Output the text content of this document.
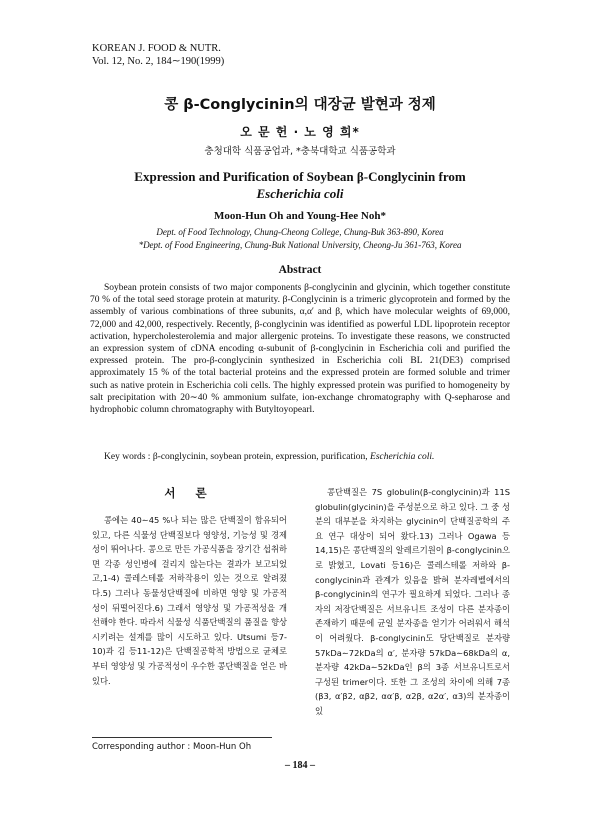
KOREAN J. FOOD & NUTR.
Vol. 12, No. 2, 184∼190(1999)
콩 β-Conglycinin의 대장균 발현과 정제
오 문 헌 · 노 영 희*
충청대학 식품공업과, *충북대학교 식품공학과
Expression and Purification of Soybean β-Conglycinin from
Escherichia coli
Moon-Hun Oh and Young-Hee Noh*
Dept. of Food Technology, Chung-Cheong College, Chung-Buk 363-890, Korea
*Dept. of Food Engineering, Chung-Buk National University, Cheong-Ju 361-763, Korea
Abstract

Soybean protein consists of two major components β-conglycinin and glycinin, which together constitute 70 % of the total seed storage protein at maturity. β-Conglycinin is a trimeric glycoprotein and formed by the assembly of various combinations of three subunits, α,α′ and β, which have molecular weights of 69,000, 72,000 and 42,000, respectively. Recently, β-conglycinin was identified as powerful LDL lipoprotein receptor activation, hypercholesterolemia and major allergenic proteins. To investigate these reasons, we constructed an expression system of cDNA encoding α-subunit of β-conglycinin in Escherichia coli and purified the expressed protein. The pro-β-conglycinin synthesized in Escherichia coli BL 21(DE3) comprised approximately 15 % of the total bacterial proteins and the expressed protein are formed soluble and trimer such as native protein in Escherichia coli cells. The highly expressed protein was purified to homogeneity by salt precipitation with 20∼40 % ammonium sulfate, ion-exchange chromatography with Q-sepharose and hydrophobic column chromatography with Butyltoyopearl.

Key words : β-conglycinin, soybean protein, expression, purification, Escherichia coli.
서 론

콩에는 40∼45 %나 되는 많은 단백질이 함유되어 있고, 다른 식물성 단백질보다 영양성, 기능성 및 경제성이 뛰어나다. 콩으로 만든 가공식품을 장기간 섭취하면 각종 성인병에 걸리지 않는다는 결과가 보고되었고,1-4) 콜레스테롤 저하작용이 있는 것으로 알려졌다.5) 그러나 동물성단백질에 비하면 영양 및 가공적성이 뒤떨어진다.6) 그래서 영양성 및 가공적성을 개선해야 한다. 따라서 식물성 식품단백질의 품질을 향상시키려는 설계를 많이 시도하고 있다. Utsumi 등7-10)과 김 등11-12)은 단백질공학적 방법으로 균체로부터 영양성 및 가공적성이 우수한 콩단백질을 얻은 바 있다.

콩단백질은 7S globulin(β-conglycinin)과 11S globulin(glycinin)을 주성분으로 하고 있다. 그 중 성분의 대부분을 차지하는 glycinin이 단백질공학의 주요 연구 대상이 되어 왔다.13) 그러나 Ogawa 등14,15)은 콩단백질의 알레르기원이 β-conglycinin으로 밝혔고, Lovati 등16)은 콜레스테롤 저하와 β-conglycinin과 관계가 있음을 밝혀 분자레벨에서의 β-conglycinin의 연구가 필요하게 되었다. 그러나 종자의 저장단백질은 서브유니트 조성이 다른 분자종이 존재하기 때문에 균일 분자종을 얻기가 어려워서 해석이 어려웠다. β-conglycinin도 당단백질로 분자량 57kDa∼72kDa의 α′, 분자량 57kDa∼68kDa의 α, 분자량 42kDa∼52kDa인 β의 3종 서브유니트로서 구성된 trimer이다. 또한 그 조성의 차이에 의해 7종(β3, α′β2, αβ2, αα′β, α2β, α2α′, α3)의 분자종이 있

Corresponding author : Moon-Hun Oh
– 184 –
